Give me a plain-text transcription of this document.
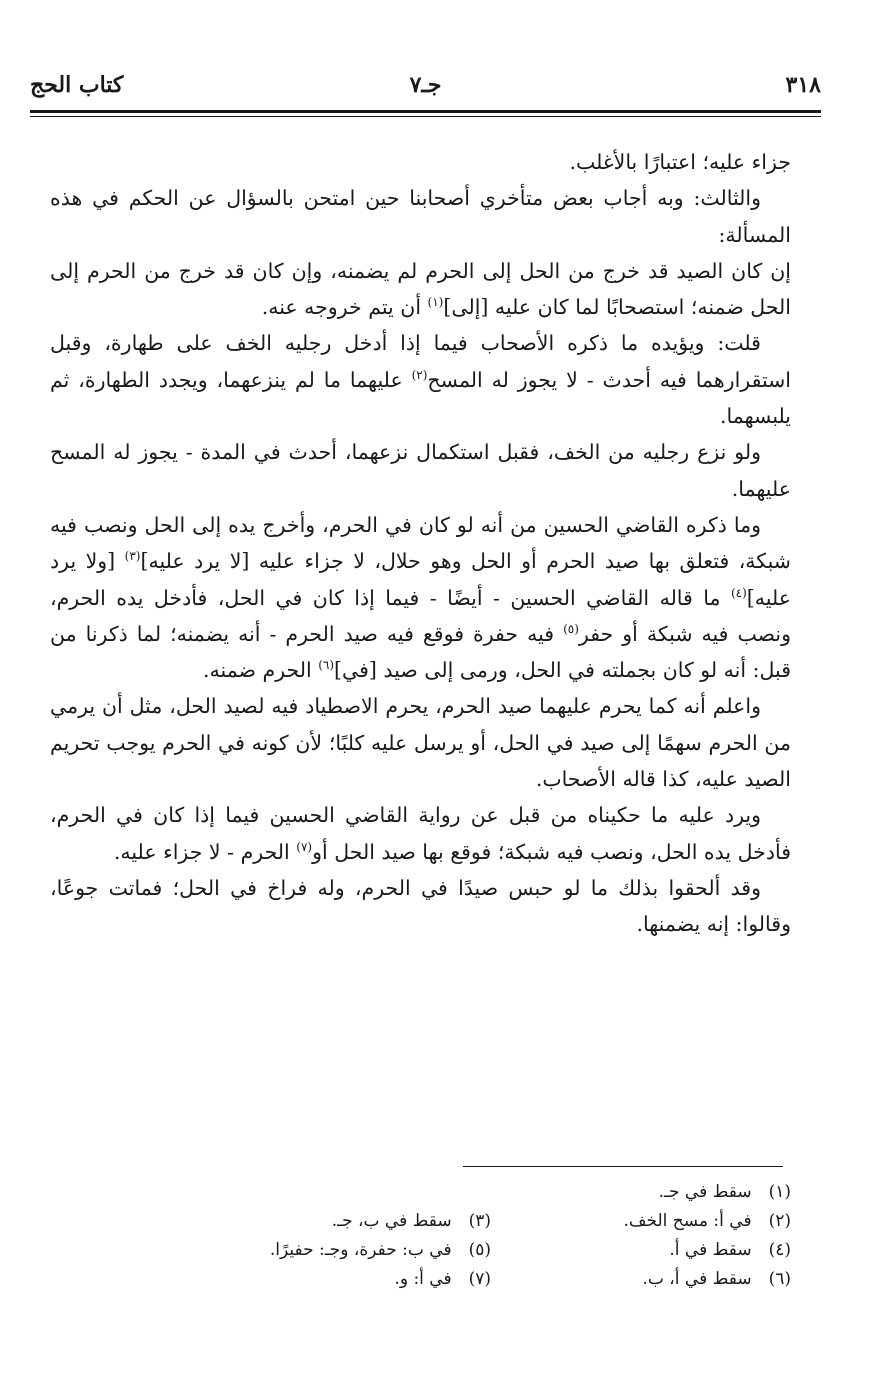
٣١٨
جـ٧
كتاب الحج

جزاء عليه؛ اعتبارًا بالأغلب.

والثالث: وبه أجاب بعض متأخري أصحابنا حين امتحن بالسؤال عن الحكم في هذه المسألة:

إن كان الصيد قد خرج من الحل إلى الحرم لم يضمنه، وإن كان قد خرج من الحرم إلى الحل ضمنه؛ استصحابًا لما كان عليه [إلى]$^{(١)}$ أن يتم خروجه عنه.

قلت: ويؤيده ما ذكره الأصحاب فيما إذا أدخل رجليه الخف على طهارة، وقبل استقرارهما فيه أحدث - لا يجوز له المسح$^{(٢)}$ عليهما ما لم ينزعهما، ويجدد الطهارة، ثم يلبسهما.

ولو نزع رجليه من الخف، فقبل استكمال نزعهما، أحدث في المدة - يجوز له المسح عليهما.

وما ذكره القاضي الحسين من أنه لو كان في الحرم، وأخرج يده إلى الحل ونصب فيه شبكة، فتعلق بها صيد الحرم أو الحل وهو حلال، لا جزاء عليه [لا يرد عليه]$^{(٣)}$ [ولا يرد عليه]$^{(٤)}$ ما قاله القاضي الحسين - أيضًا - فيما إذا كان في الحل، فأدخل يده الحرم، ونصب فيه شبكة أو حفر$^{(٥)}$ فيه حفرة فوقع فيه صيد الحرم - أنه يضمنه؛ لما ذكرنا من قبل: أنه لو كان بجملته في الحل، ورمى إلى صيد [في]$^{(٦)}$ الحرم ضمنه.

واعلم أنه كما يحرم عليهما صيد الحرم، يحرم الاصطياد فيه لصيد الحل، مثل أن يرمي من الحرم سهمًا إلى صيد في الحل، أو يرسل عليه كلبًا؛ لأن كونه في الحرم يوجب تحريم الصيد عليه، كذا قاله الأصحاب.

ويرد عليه ما حكيناه من قبل عن رواية القاضي الحسين فيما إذا كان في الحرم، فأدخل يده الحل، ونصب فيه شبكة؛ فوقع بها صيد الحل أو$^{(٧)}$ الحرم - لا جزاء عليه.

وقد ألحقوا بذلك ما لو حبس صيدًا في الحرم، وله فراخ في الحل؛ فماتت جوعًا، وقالوا: إنه يضمنها.

(١) سقط في جـ.
(٢) في أ: مسح الخف.
(٣) سقط في ب، جـ.
(٤) سقط في أ.
(٥) في ب: حفرة، وجـ: حفيرًا.
(٦) سقط في أ، ب.
(٧) في أ: و.
